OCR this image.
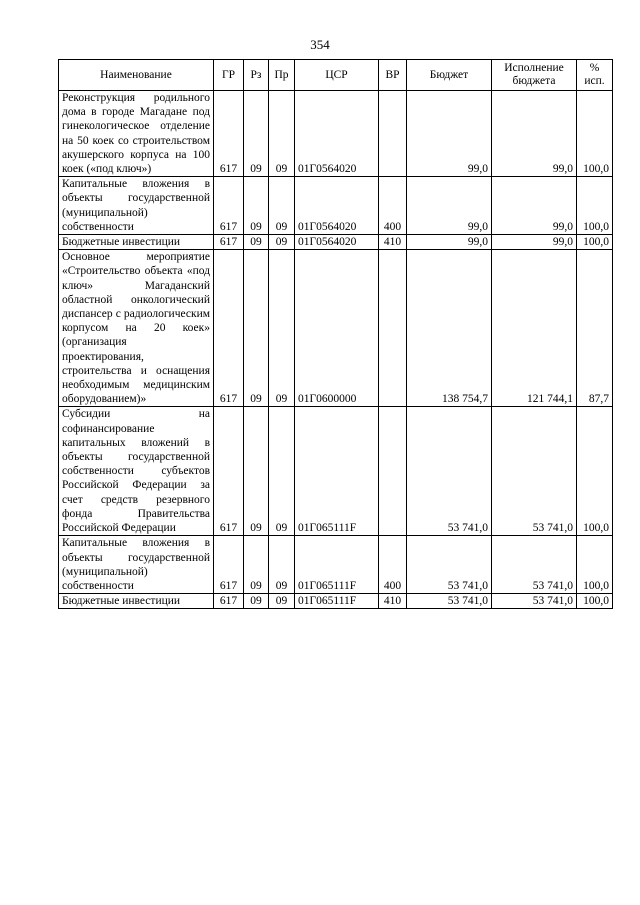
354
Наименование	ГР	Рз	Пр	ЦСР	ВР	Бюджет	Исполнение бюджета	% исп.
Реконструкция родильного дома в городе Магадане под гинекологическое отделение на 50 коек со строительством акушерского корпуса на 100 коек («под ключ»)	617	09	09	01Г0564020		99,0	99,0	100,0
Капитальные вложения в объекты государственной (муниципальной) собственности	617	09	09	01Г0564020	400	99,0	99,0	100,0
Бюджетные инвестиции	617	09	09	01Г0564020	410	99,0	99,0	100,0
Основное мероприятие «Строительство объекта «под ключ» Магаданский областной онкологический диспансер с радиологическим корпусом на 20 коек» (организация проектирования, строительства и оснащения необходимым медицинским оборудованием)»	617	09	09	01Г0600000		138 754,7	121 744,1	87,7
Субсидии на софинансирование капитальных вложений в объекты государственной собственности субъектов Российской Федерации за счет средств резервного фонда Правительства Российской Федерации	617	09	09	01Г065111F		53 741,0	53 741,0	100,0
Капитальные вложения в объекты государственной (муниципальной) собственности	617	09	09	01Г065111F	400	53 741,0	53 741,0	100,0
Бюджетные инвестиции	617	09	09	01Г065111F	410	53 741,0	53 741,0	100,0
